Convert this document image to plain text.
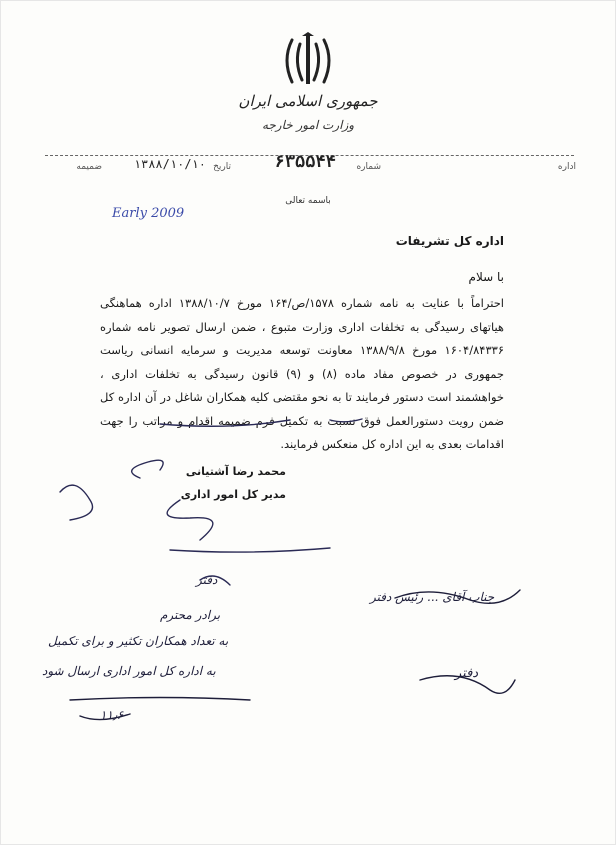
جمهوری اسلامی ایران
وزارت امور خارجه
اداره
شماره
۶۳۵۵۴۴
تاریخ
۱۳۸۸/۱۰/۱۰
ضمیمه
Early 2009
باسمه تعالی
اداره کل تشریفات
با سلام
احتراماً با عنایت به نامه شماره ۱۵۷۸/ص/۱۶۴ مورخ ۱۳۸۸/۱۰/۷ اداره هماهنگی هیاتهای رسیدگی به تخلفات اداری وزارت متبوع ، ضمن ارسال تصویر نامه شماره ۱۶۰۴/۸۴۳۳۶ مورخ ۱۳۸۸/۹/۸ معاونت توسعه مدیریت و سرمایه انسانی ریاست جمهوری در خصوص مفاد ماده (۸) و (۹) قانون رسیدگی به تخلفات اداری ، خواهشمند است دستور فرمایند تا به نحو مقتضی کلیه همکاران شاغل در آن اداره کل ضمن رویت دستورالعمل فوق نسبت به تکمیل فرم ضمیمه اقدام و مراتب را جهت اقدامات بعدی به این اداره کل منعکس فرمایند.
محمد رضا آشتیانی
مدیر کل امور اداری
دفتر
برادر محترم
به تعداد همکاران تکثیر و برای تکمیل
به اداره کل امور اداری ارسال شود
۱۱٫۶
جناب آقای ... رئیس دفتر
دفتر
